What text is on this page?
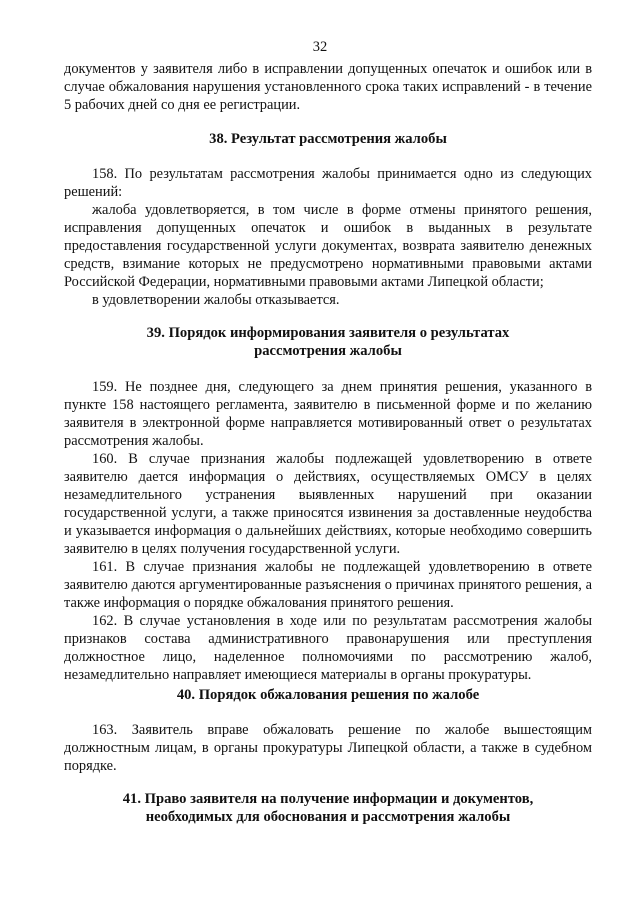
32

документов у заявителя либо в исправлении допущенных опечаток и ошибок или в случае обжалования нарушения установленного срока таких исправлений - в течение 5 рабочих дней со дня ее регистрации.

38. Результат рассмотрения жалобы

158. По результатам рассмотрения жалобы принимается одно из следующих решений:

жалоба удовлетворяется, в том числе в форме отмены принятого решения, исправления допущенных опечаток и ошибок в выданных в результате предоставления государственной услуги документах, возврата заявителю денежных средств, взимание которых не предусмотрено нормативными правовыми актами Российской Федерации, нормативными правовыми актами Липецкой области;

в удовлетворении жалобы отказывается.

39. Порядок информирования заявителя о результатах

рассмотрения жалобы

159. Не позднее дня, следующего за днем принятия решения, указанного в пункте 158 настоящего регламента, заявителю в письменной форме и по желанию заявителя в электронной форме направляется мотивированный ответ о результатах рассмотрения жалобы.

160. В случае признания жалобы подлежащей удовлетворению в ответе заявителю дается информация о действиях, осуществляемых ОМСУ в целях незамедлительного устранения выявленных нарушений при оказании государственной услуги, а также приносятся извинения за доставленные неудобства и указывается информация о дальнейших действиях, которые необходимо совершить заявителю в целях получения государственной услуги.

161. В случае признания жалобы не подлежащей удовлетворению в ответе заявителю даются аргументированные разъяснения о причинах принятого решения, а также информация о порядке обжалования принятого решения.

162. В случае установления в ходе или по результатам рассмотрения жалобы признаков состава административного правонарушения или преступления должностное лицо, наделенное полномочиями по рассмотрению жалоб, незамедлительно направляет имеющиеся материалы в органы прокуратуры.

40. Порядок обжалования решения по жалобе

163. Заявитель вправе обжаловать решение по жалобе вышестоящим должностным лицам, в органы прокуратуры Липецкой области, а также в судебном порядке.

41. Право заявителя на получение информации и документов,

необходимых для обоснования и рассмотрения жалобы
